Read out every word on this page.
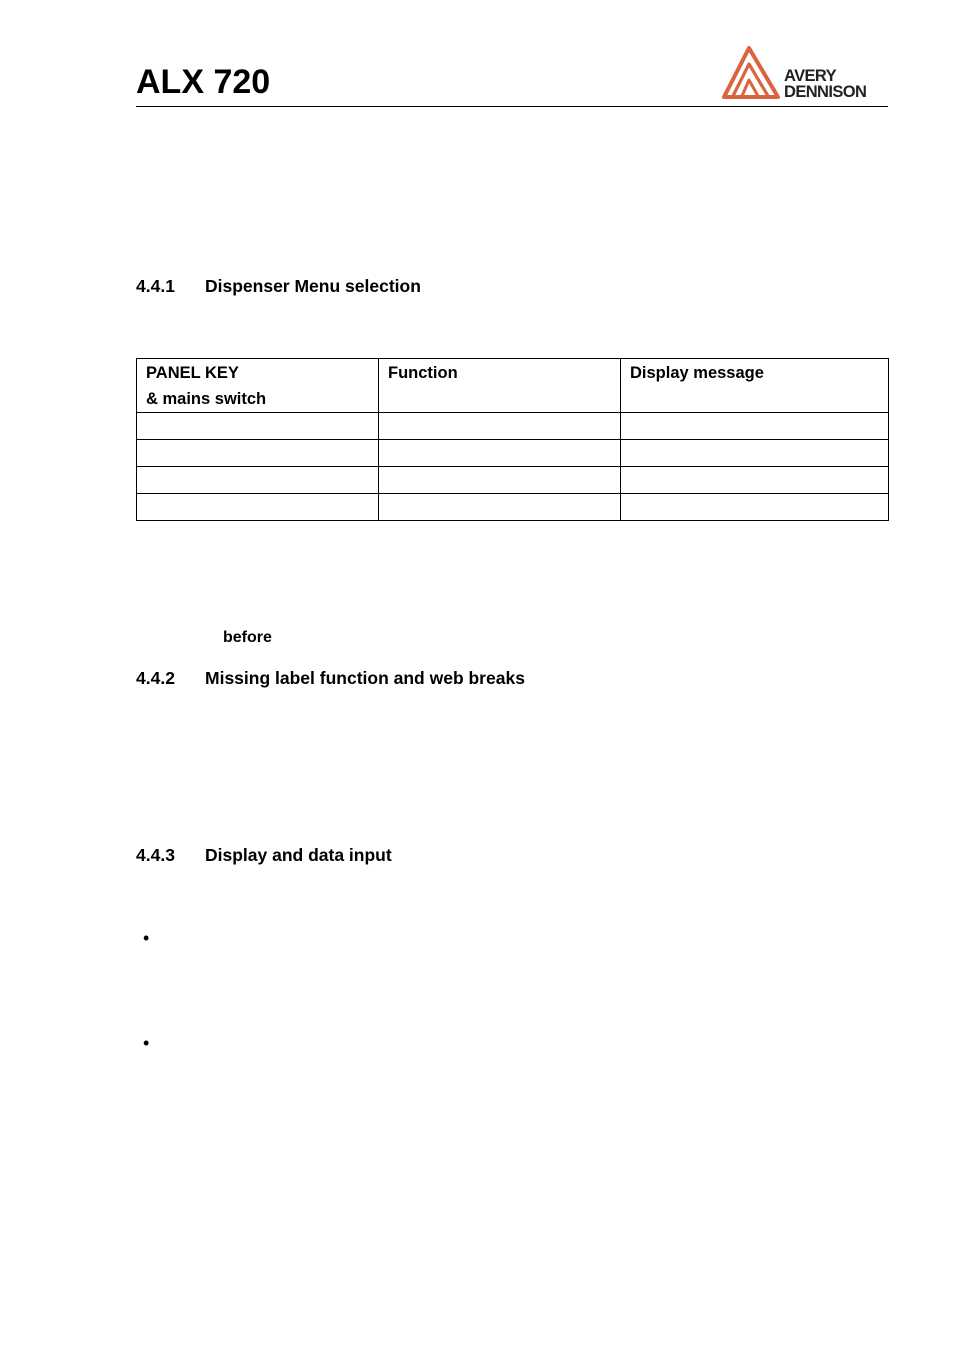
ALX 720	AVERY
DENNISON
4.4.1 Dispenser Menu selection
PANEL KEY
& mains switch	Function	Display message

before
4.4.2 Missing label function and web breaks
4.4.3 Display and data input
•
•
